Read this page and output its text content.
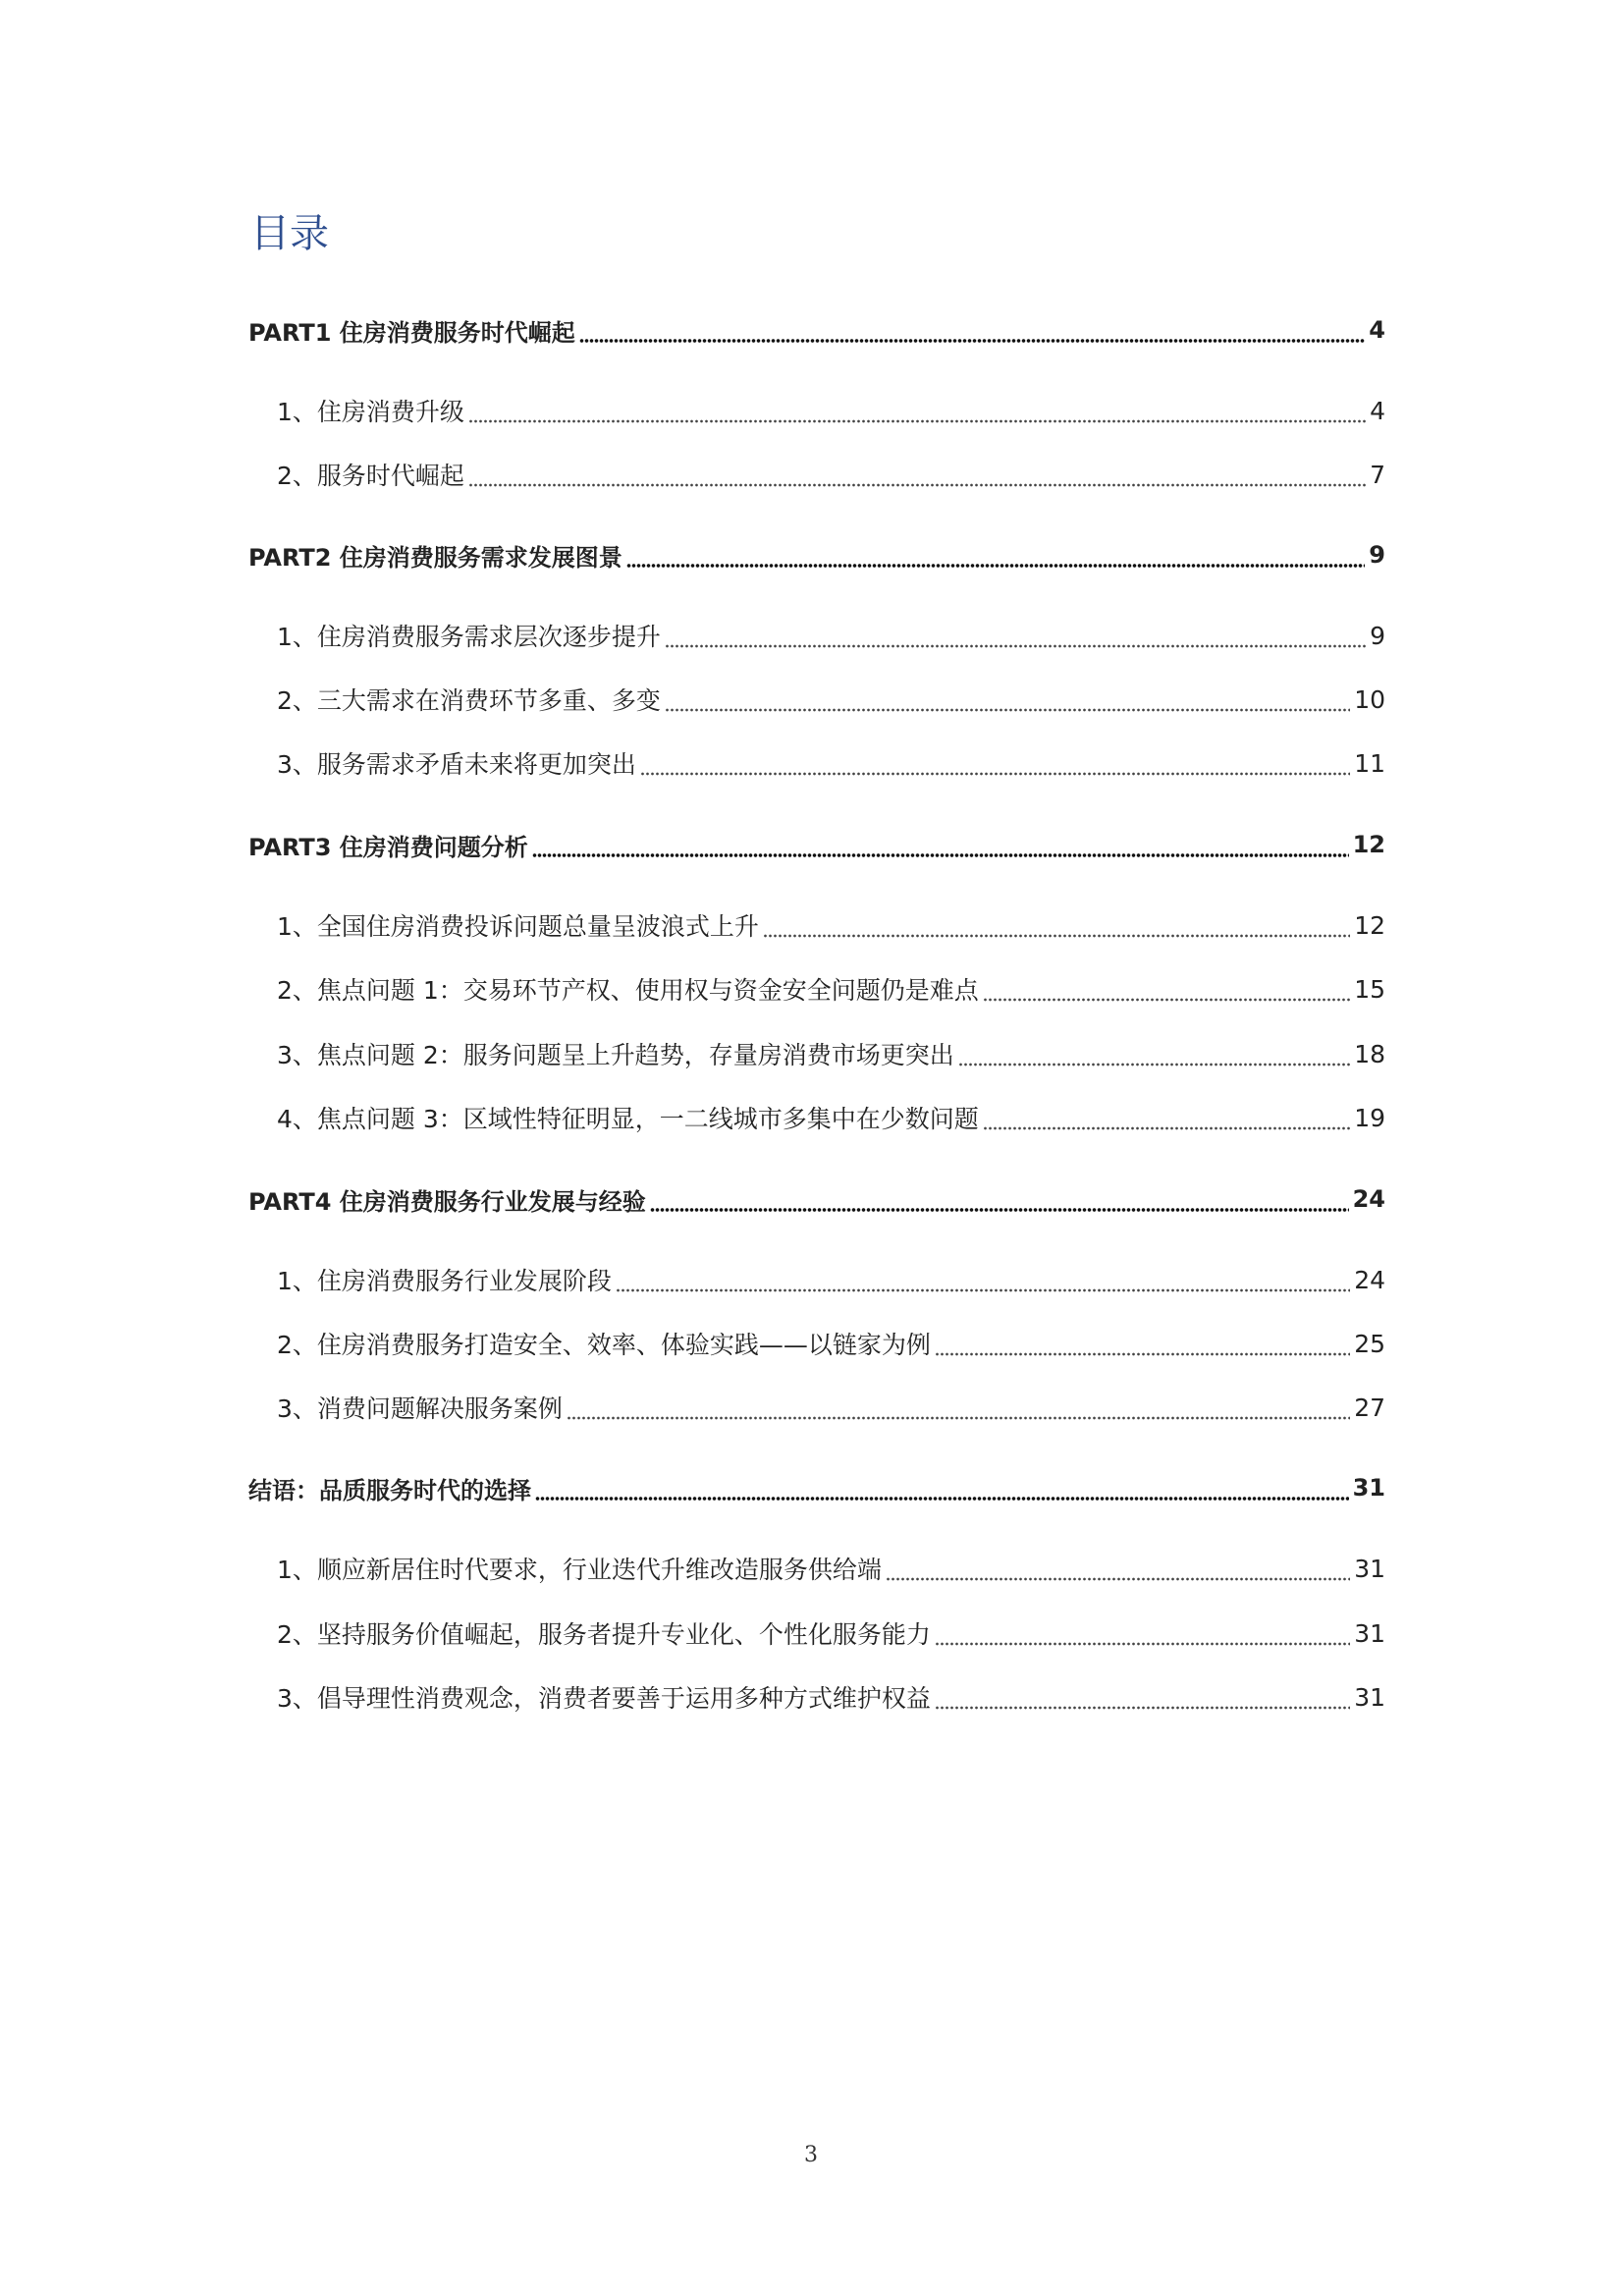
目录
PART1 住房消费服务时代崛起	4
1、住房消费升级	4
2、服务时代崛起	7
PART2 住房消费服务需求发展图景	9
1、住房消费服务需求层次逐步提升	9
2、三大需求在消费环节多重、多变	10
3、服务需求矛盾未来将更加突出	11
PART3 住房消费问题分析	12
1、全国住房消费投诉问题总量呈波浪式上升	12
2、焦点问题 1：交易环节产权、使用权与资金安全问题仍是难点	15
3、焦点问题 2：服务问题呈上升趋势，存量房消费市场更突出	18
4、焦点问题 3：区域性特征明显，一二线城市多集中在少数问题	19
PART4 住房消费服务行业发展与经验	24
1、住房消费服务行业发展阶段	24
2、住房消费服务打造安全、效率、体验实践——以链家为例	25
3、消费问题解决服务案例	27
结语：品质服务时代的选择	31
1、顺应新居住时代要求，行业迭代升维改造服务供给端	31
2、坚持服务价值崛起，服务者提升专业化、个性化服务能力	31
3、倡导理性消费观念，消费者要善于运用多种方式维护权益	31
3
